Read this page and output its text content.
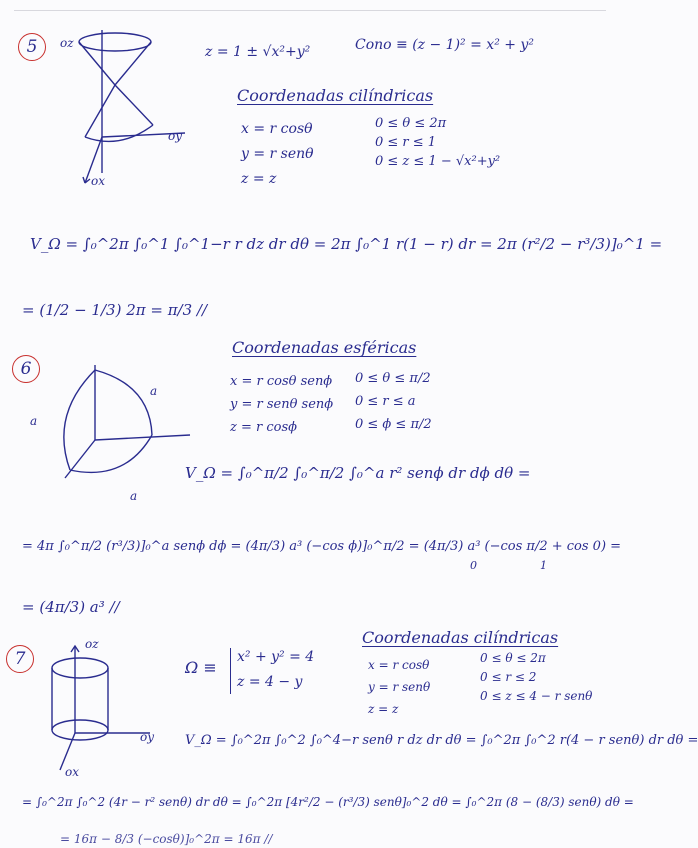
5	oz
oy
ox
z = 1 ± √x²+y²	Cono ≡ (z − 1)² = x² + y²
Coordenadas cilíndricas
x = r cosθ
y = r senθ
z = z
0 ≤ θ ≤ 2π
0 ≤ r ≤ 1
0 ≤ z ≤ 1 − √x²+y²
V_Ω = ∫₀^2π ∫₀^1 ∫₀^1−r r dz dr dθ = 2π ∫₀^1 r(1 − r) dr = 2π (r²/2 − r³/3)]₀^1 =
= (1/2 − 1/3) 2π = π/3 //
6
a
a
a
Coordenadas esféricas
x = r cosθ senϕ
y = r senθ senϕ
z = r cosϕ
0 ≤ θ ≤ π/2
0 ≤ r ≤ a
0 ≤ ϕ ≤ π/2
V_Ω = ∫₀^π/2 ∫₀^π/2 ∫₀^a r² senϕ dr dϕ dθ =
= 4π ∫₀^π/2 (r³/3)]₀^a senϕ dϕ = (4π/3) a³ (−cos ϕ)]₀^π/2 = (4π/3) a³ (−cos π/2 + cos 0) =
0	1
= (4π/3) a³ //
7
oz
oy
ox
Ω ≡
x² + y² = 4
z = 4 − y
Coordenadas cilíndricas
x = r cosθ
y = r senθ
z = z
0 ≤ θ ≤ 2π
0 ≤ r ≤ 2
0 ≤ z ≤ 4 − r senθ
V_Ω = ∫₀^2π ∫₀^2 ∫₀^4−r senθ r dz dr dθ = ∫₀^2π ∫₀^2 r(4 − r senθ) dr dθ =
= ∫₀^2π ∫₀^2 (4r − r² senθ) dr dθ = ∫₀^2π [4r²/2 − (r³/3) senθ]₀^2 dθ = ∫₀^2π (8 − (8/3) senθ) dθ =
= 16π − 8/3 (−cosθ)]₀^2π = 16π //
